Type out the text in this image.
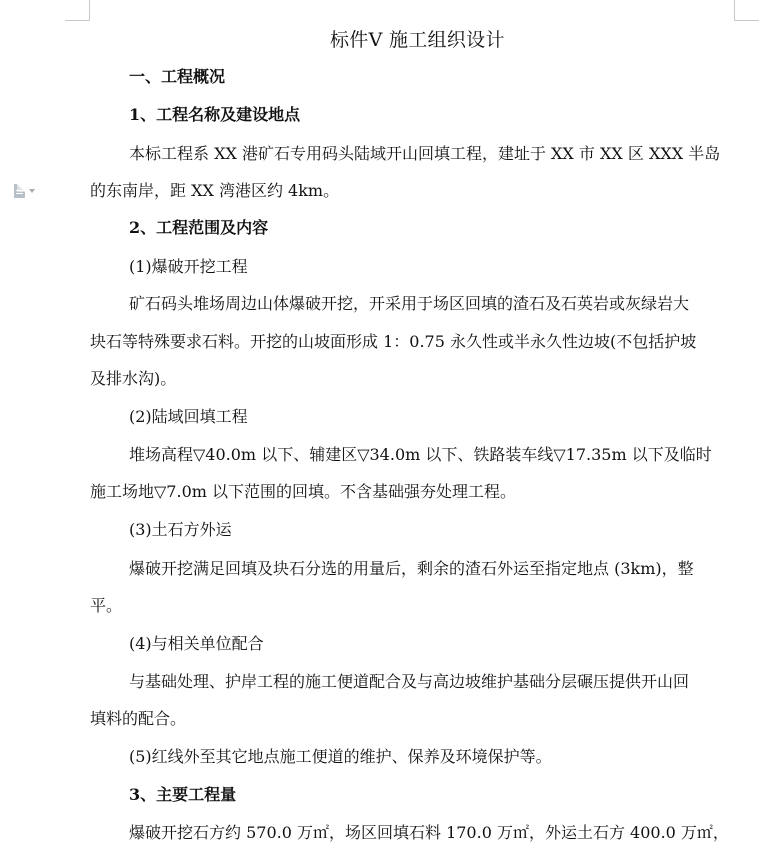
标件Ⅴ 施工组织设计
一、工程概况
1、工程名称及建设地点
本标工程系 XX 港矿石专用码头陆域开山回填工程，建址于 XX 市 XX 区 XXX 半岛
的东南岸，距 XX 湾港区约 4km。
2、工程范围及内容
(1)爆破开挖工程
矿石码头堆场周边山体爆破开挖，开采用于场区回填的渣石及石英岩或灰绿岩大
块石等特殊要求石料。开挖的山坡面形成 1：0.75 永久性或半永久性边坡(不包括护坡
及排水沟)。
(2)陆域回填工程
堆场高程▽40.0m 以下、辅建区▽34.0m 以下、铁路装车线▽17.35m 以下及临时
施工场地▽7.0m 以下范围的回填。不含基础强夯处理工程。
(3)土石方外运
爆破开挖满足回填及块石分选的用量后，剩余的渣石外运至指定地点 (3km)，整
平。
(4)与相关单位配合
与基础处理、护岸工程的施工便道配合及与高边坡维护基础分层碾压提供开山回
填料的配合。
(5)红线外至其它地点施工便道的维护、保养及环境保护等。
3、主要工程量
爆破开挖石方约 570.0 万㎡，场区回填石料 170.0 万㎡，外运土石方 400.0 万㎡，
